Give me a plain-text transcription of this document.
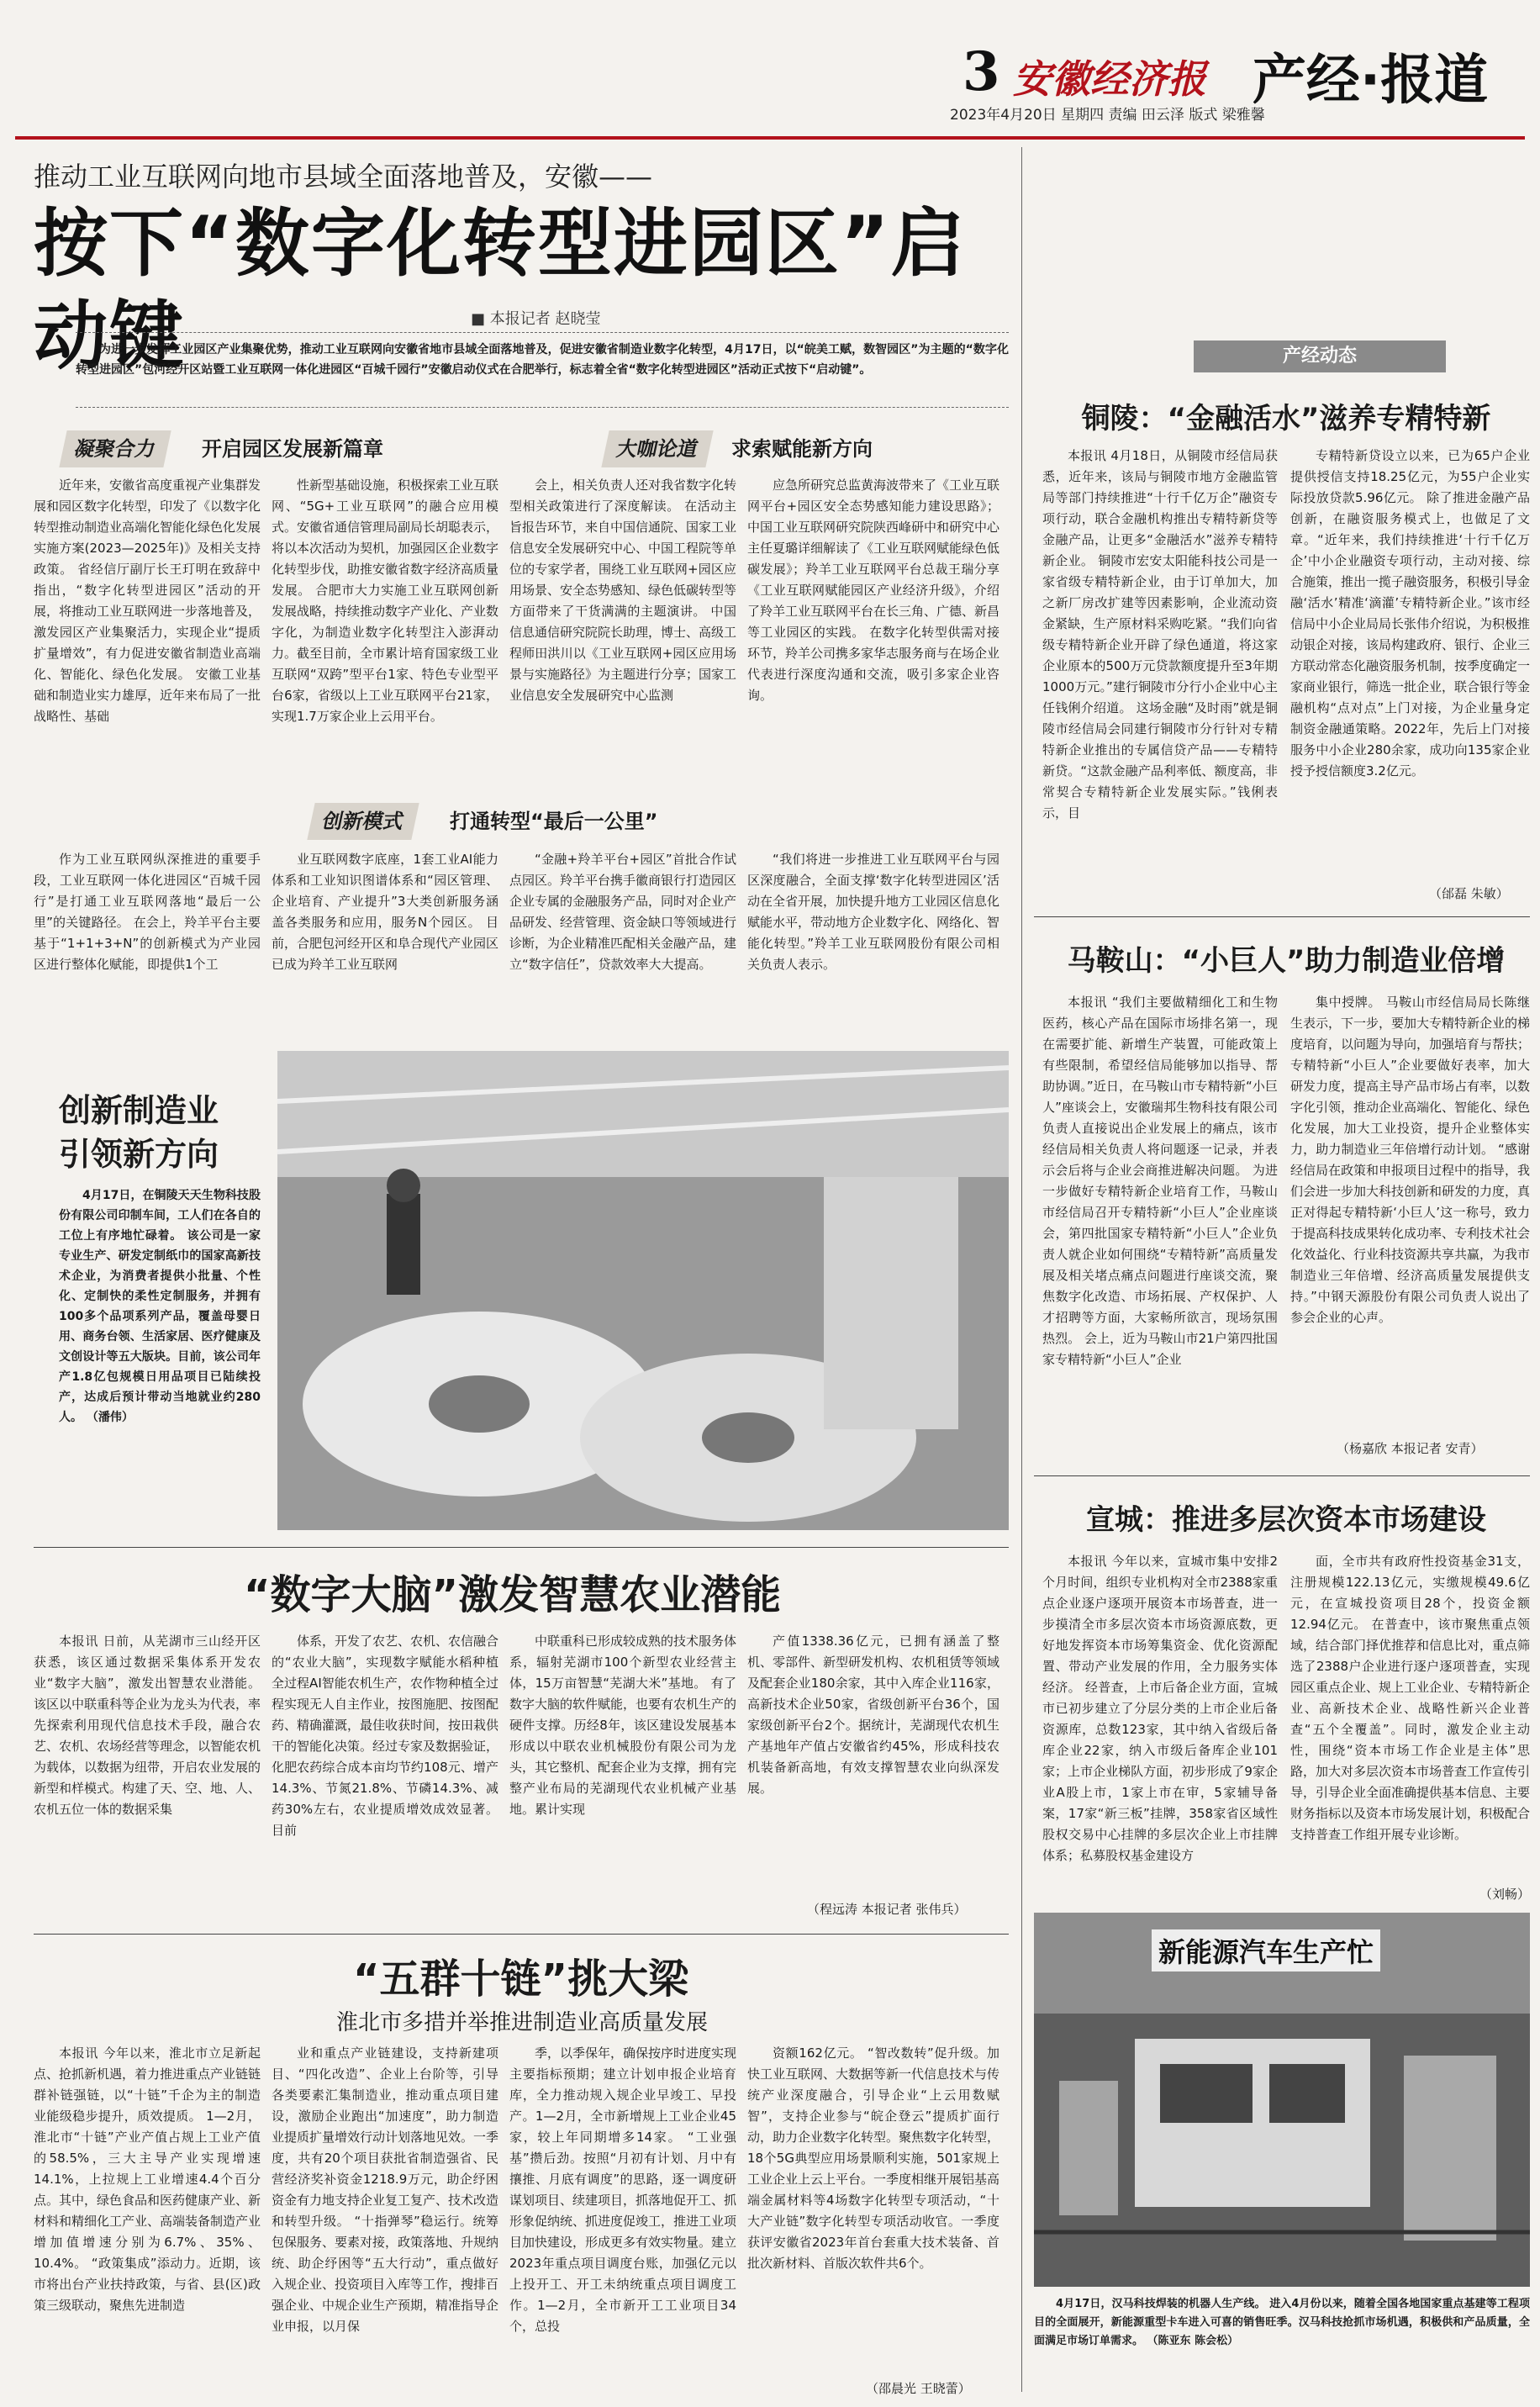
3 安徽经济报
2023年4月20日 星期四 责编 田云泽 版式 梁雅馨
产经·报道
推动工业互联网向地市县域全面落地普及，安徽——
按下“数字化转型进园区”启动键	■ 本报记者 赵晓莹
为进一步发挥工业园区产业集聚优势，推动工业互联网向安徽省地市县域全面落地普及，促进安徽省制造业数字化转型，4月17日，以“皖美工赋，数智园区”为主题的“数字化转型进园区”包河经开区站暨工业互联网一体化进园区“百城千园行”安徽启动仪式在合肥举行，标志着全省“数字化转型进园区”活动正式按下“启动键”。
凝聚合力	开启园区发展新篇章	大咖论道	求索赋能新方向
近年来，安徽省高度重视产业集群发展和园区数字化转型，印发了《以数字化转型推动制造业高端化智能化绿色化发展实施方案(2023—2025年)》及相关支持政策。 省经信厅副厅长王玎明在致辞中指出，“数字化转型进园区”活动的开展，将推动工业互联网进一步落地普及，激发园区产业集聚活力，实现企业“提质扩量增效”，有力促进安徽省制造业高端化、智能化、绿色化发展。 安徽工业基础和制造业实力雄厚，近年来布局了一批战略性、基础
性新型基础设施，积极探索工业互联网、“5G+工业互联网”的融合应用模式。安徽省通信管理局副局长胡聪表示，将以本次活动为契机，加强园区企业数字化转型步伐，助推安徽省数字经济高质量发展。 合肥市大力实施工业互联网创新发展战略，持续推动数字产业化、产业数字化，为制造业数字化转型注入澎湃动力。截至目前，全市累计培育国家级工业互联网“双跨”型平台1家、特色专业型平台6家，省级以上工业互联网平台21家，实现1.7万家企业上云用平台。
会上，相关负责人还对我省数字化转型相关政策进行了深度解读。 在活动主旨报告环节，来自中国信通院、国家工业信息安全发展研究中心、中国工程院等单位的专家学者，围绕工业互联网+园区应用场景、安全态势感知、绿色低碳转型等方面带来了干货满满的主题演讲。 中国信息通信研究院院长助理，博士、高级工程师田洪川以《工业互联网+园区应用场景与实施路径》为主题进行分享；国家工业信息安全发展研究中心监测
应急所研究总监黄海波带来了《工业互联网平台+园区安全态势感知能力建设思路》；中国工业互联网研究院陕西峰研中和研究中心主任夏璐详细解读了《工业互联网赋能绿色低碳发展》；羚羊工业互联网平台总裁王瑞分享《工业互联网赋能园区产业经济升级》，介绍了羚羊工业互联网平台在长三角、广德、新昌等工业园区的实践。 在数字化转型供需对接环节，羚羊公司携多家华志服务商与在场企业代表进行深度沟通和交流，吸引多家企业咨询。
创新模式	打通转型“最后一公里”
作为工业互联网纵深推进的重要手段，工业互联网一体化进园区“百城千园行”是打通工业互联网落地“最后一公里”的关键路径。 在会上，羚羊平台主要基于“1+1+3+N”的创新模式为产业园区进行整体化赋能，即提供1个工
业互联网数字底座，1套工业AI能力体系和工业知识图谱体系和“园区管理、企业培育、产业提升”3大类创新服务涵盖各类服务和应用，服务N个园区。 目前，合肥包河经开区和阜合现代产业园区已成为羚羊工业互联网
“金融+羚羊平台+园区”首批合作试点园区。羚羊平台携手徽商银行打造园区企业专属的金融服务产品，同时对企业产品研发、经营管理、资金缺口等领域进行诊断，为企业精准匹配相关金融产品，建立“数字信任”，贷款效率大大提高。
“我们将进一步推进工业互联网平台与园区深度融合，全面支撑‘数字化转型进园区’活动在全省开展，加快提升地方工业园区信息化赋能水平，带动地方企业数字化、网络化、智能化转型。”羚羊工业互联网股份有限公司相关负责人表示。
创新制造业
引领新方向
4月17日，在铜陵天天生物科技股份有限公司印制车间，工人们在各自的工位上有序地忙碌着。 该公司是一家专业生产、研发定制纸巾的国家高新技术企业，为消费者提供小批量、个性化、定制快的柔性定制服务，并拥有100多个品项系列产品，覆盖母婴日用、商务台领、生活家居、医疗健康及文创设计等五大版块。目前，该公司年产1.8亿包规模日用品项目已陆续投产，达成后预计带动当地就业约280人。 （潘伟）
“数字大脑”激发智慧农业潜能
本报讯 日前，从芜湖市三山经开区获悉，该区通过数据采集体系开发农业“数字大脑”，激发出智慧农业潜能。 该区以中联重科等企业为龙头为代表，率先探索利用现代信息技术手段，融合农艺、农机、农场经营等理念，以智能农机为载体，以数据为纽带，开启农业发展的新型和样模式。构建了天、空、地、人、农机五位一体的数据采集
体系，开发了农艺、农机、农信融合的“农业大脑”，实现数字赋能水稻种植全过程AI智能农机生产，农作物种植全过程实现无人自主作业，按图施肥、按图配药、精确灌溉，最佳收获时间，按田栽供干的智能化决策。经过专家及数据验证，化肥农药综合成本亩均节约108元、增产14.3%、节氮21.8%、节磷14.3%、减药30%左右，农业提质增效成效显著。目前
中联重科已形成较成熟的技术服务体系，辐射芜湖市100个新型农业经营主体，15万亩智慧“芜湖大米”基地。 有了数字大脑的软件赋能，也要有农机生产的硬件支撑。历经8年，该区建设发展基本形成以中联农业机械股份有限公司为龙头，其它整机、配套企业为支撑，拥有完整产业布局的芜湖现代农业机械产业基地。累计实现
产值1338.36亿元，已拥有涵盖了整机、零部件、新型研发机构、农机租赁等领域及配套企业180余家，其中入库企业116家，高新技术企业50家，省级创新平台36个，国家级创新平台2个。据统计，芜湖现代农机生产基地年产值占安徽省约45%，形成科技农机装备新高地，有效支撑智慧农业向纵深发展。
（程远涛 本报记者 张伟兵）
“五群十链”挑大梁
淮北市多措并举推进制造业高质量发展
本报讯 今年以来，淮北市立足新起点、抢抓新机遇，着力推进重点产业链链群补链强链，以“十链”千企为主的制造业能级稳步提升，质效提质。 1—2月，淮北市“十链”产业产值占规上工业产值的58.5%，三大主导产业实现增速14.1%，上拉规上工业增速4.4个百分点。其中，绿色食品和医药健康产业、新材料和精细化工产业、高端装备制造产业增加值增速分别为6.7%、35%、10.4%。 “政策集成”添动力。近期，该市将出台产业扶持政策，与省、县(区)政策三级联动，聚焦先进制造
业和重点产业链建设，支持新建项目、“四化改造”、企业上台阶等，引导各类要素汇集制造业，推动重点项目建设，激励企业跑出“加速度”，助力制造业提质扩量增效行动计划落地见效。一季度，共有20个项目获批省制造强省、民营经济奖补资金1218.9万元，助企纾困资金有力地支持企业复工复产、技术改造和转型升级。 “十指弹琴”稳运行。统筹包保服务、要素对接，政策落地、升规纳统、助企纾困等“五大行动”，重点做好入规企业、投资项目入库等工作，搜排百强企业、中规企业生产预期，精准指导企业申报，以月保
季，以季保年，确保按序时进度实现主要指标预期；建立计划申报企业培育库，全力推动规入规企业早竣工、早投产。1—2月，全市新增规上工业企业45家，较上年同期增多14家。 “工业强基”攒后劲。按照“月初有计划、月中有攘推、月底有调度”的思路，逐一调度研谋划项目、续建项目，抓落地促开工、抓形象促纳统、抓进度促竣工，推进工业项目加快建设，形成更多有效实物量。建立2023年重点项目调度台账，加强亿元以上投开工、开工未纳统重点项目调度工作。1—2月，全市新开工工业项目34个，总投
资额162亿元。 “智改数转”促升级。加快工业互联网、大数据等新一代信息技术与传统产业深度融合，引导企业“上云用数赋智”，支持企业参与“皖企登云”提质扩面行动，助力企业数字化转型。聚焦数字化转型，18个5G典型应用场景顺利实施，501家规上工业企业上云上平台。一季度相继开展铝基高端金属材料等4场数字化转型专项活动，“十大产业链”数字化转型专项活动收官。一季度获评安徽省2023年首台套重大技术装备、首批次新材料、首版次软件共6个。
（邵晨光 王晓蕾）
产经动态
铜陵：“金融活水”滋养专精特新
本报讯 4月18日，从铜陵市经信局获悉，近年来，该局与铜陵市地方金融监管局等部门持续推进“十行千亿万企”融资专项行动，联合金融机构推出专精特新贷等金融产品，让更多“金融活水”滋养专精特新企业。 铜陵市宏安太阳能科技公司是一家省级专精特新企业，由于订单加大，加之新厂房改扩建等因素影响，企业流动资金紧缺，生产原材料采购吃紧。“我们向省级专精特新企业开辟了绿色通道，将这家企业原本的500万元贷款额度提升至3年期1000万元。”建行铜陵市分行小企业中心主任钱俐介绍道。 这场金融“及时雨”就是铜陵市经信局会同建行铜陵市分行针对专精特新企业推出的专属信贷产品——专精特新贷。“这款金融产品利率低、额度高，非常契合专精特新企业发展实际。”钱俐表示，目
专精特新贷设立以来，已为65户企业提供授信支持18.25亿元，为55户企业实际投放贷款5.96亿元。 除了推进金融产品创新，在融资服务模式上，也做足了文章。“近年来，我们持续推进‘十行千亿万企’中小企业融资专项行动，主动对接、综合施策，推出一揽子融资服务，积极引导金融‘活水’精准‘滴灌’专精特新企业。”该市经信局中小企业局局长张伟介绍说，为积极推动银企对接，该局构建政府、银行、企业三方联动常态化融资服务机制，按季度确定一家商业银行，筛选一批企业，联合银行等金融机构“点对点”上门对接，为企业量身定制资金融通策略。2022年，先后上门对接服务中小企业280余家，成功向135家企业授予授信额度3.2亿元。
（邰磊 朱敏）
马鞍山：“小巨人”助力制造业倍增
本报讯 “我们主要做精细化工和生物医药，核心产品在国际市场排名第一，现在需要扩能、新增生产装置，可能政策上有些限制，希望经信局能够加以指导、帮助协调。”近日，在马鞍山市专精特新“小巨人”座谈会上，安徽瑞邦生物科技有限公司负责人直接说出企业发展上的痛点，该市经信局相关负责人将问题逐一记录，并表示会后将与企业会商推进解决问题。 为进一步做好专精特新企业培育工作，马鞍山市经信局召开专精特新“小巨人”企业座谈会，第四批国家专精特新“小巨人”企业负责人就企业如何围绕“专精特新”高质量发展及相关堵点痛点问题进行座谈交流，聚焦数字化改造、市场拓展、产权保护、人才招聘等方面，大家畅所欲言，现场氛围热烈。 会上，近为马鞍山市21户第四批国家专精特新“小巨人”企业
集中授牌。 马鞍山市经信局局长陈继生表示，下一步，要加大专精特新企业的梯度培育，以问题为导向，加强培育与帮扶；专精特新“小巨人”企业要做好表率，加大研发力度，提高主导产品市场占有率，以数字化引领，推动企业高端化、智能化、绿色化发展，加大工业投资，提升企业整体实力，助力制造业三年倍增行动计划。 “感谢经信局在政策和申报项目过程中的指导，我们会进一步加大科技创新和研发的力度，真正对得起专精特新‘小巨人’这一称号，致力于提高科技成果转化成功率、专利技术社会化效益化、行业科技资源共享共赢，为我市制造业三年倍增、经济高质量发展提供支持。”中钢天源股份有限公司负责人说出了参会企业的心声。
（杨嘉欣 本报记者 安青）
宣城：推进多层次资本市场建设
本报讯 今年以来，宣城市集中安排2个月时间，组织专业机构对全市2388家重点企业逐户逐项开展资本市场普查，进一步摸清全市多层次资本市场资源底数，更好地发挥资本市场筹集资金、优化资源配置、带动产业发展的作用，全力服务实体经济。 经普查，上市后备企业方面，宣城市已初步建立了分层分类的上市企业后备资源库，总数123家，其中纳入省级后备库企业22家，纳入市级后备库企业101家；上市企业梯队方面，初步形成了9家企业A股上市，1家上市在审，5家辅导备案，17家“新三板”挂牌，358家省区域性股权交易中心挂牌的多层次企业上市挂牌体系；私募股权基金建设方
面，全市共有政府性投资基金31支，注册规模122.13亿元，实缴规模49.6亿元，在宣城投资项目28个，投资金额12.94亿元。 在普查中，该市聚焦重点领域，结合部门择优推荐和信息比对，重点筛选了2388户企业进行逐户逐项普查，实现园区重点企业、规上工业企业、专精特新企业、高新技术企业、战略性新兴企业普查“五个全覆盖”。同时，激发企业主动性，围绕“资本市场工作企业是主体”思路，加大对多层次资本市场普查工作宣传引导，引导企业全面准确提供基本信息、主要财务指标以及资本市场发展计划，积极配合支持普查工作组开展专业诊断。
（刘畅）
新能源汽车生产忙
4月17日，汉马科技焊装的机器人生产线。 进入4月份以来，随着全国各地国家重点基建等工程项目的全面展开，新能源重型卡车进入可喜的销售旺季。汉马科技抢抓市场机遇，积极供和产品质量，全面满足市场订单需求。 （陈亚东 陈会松）
